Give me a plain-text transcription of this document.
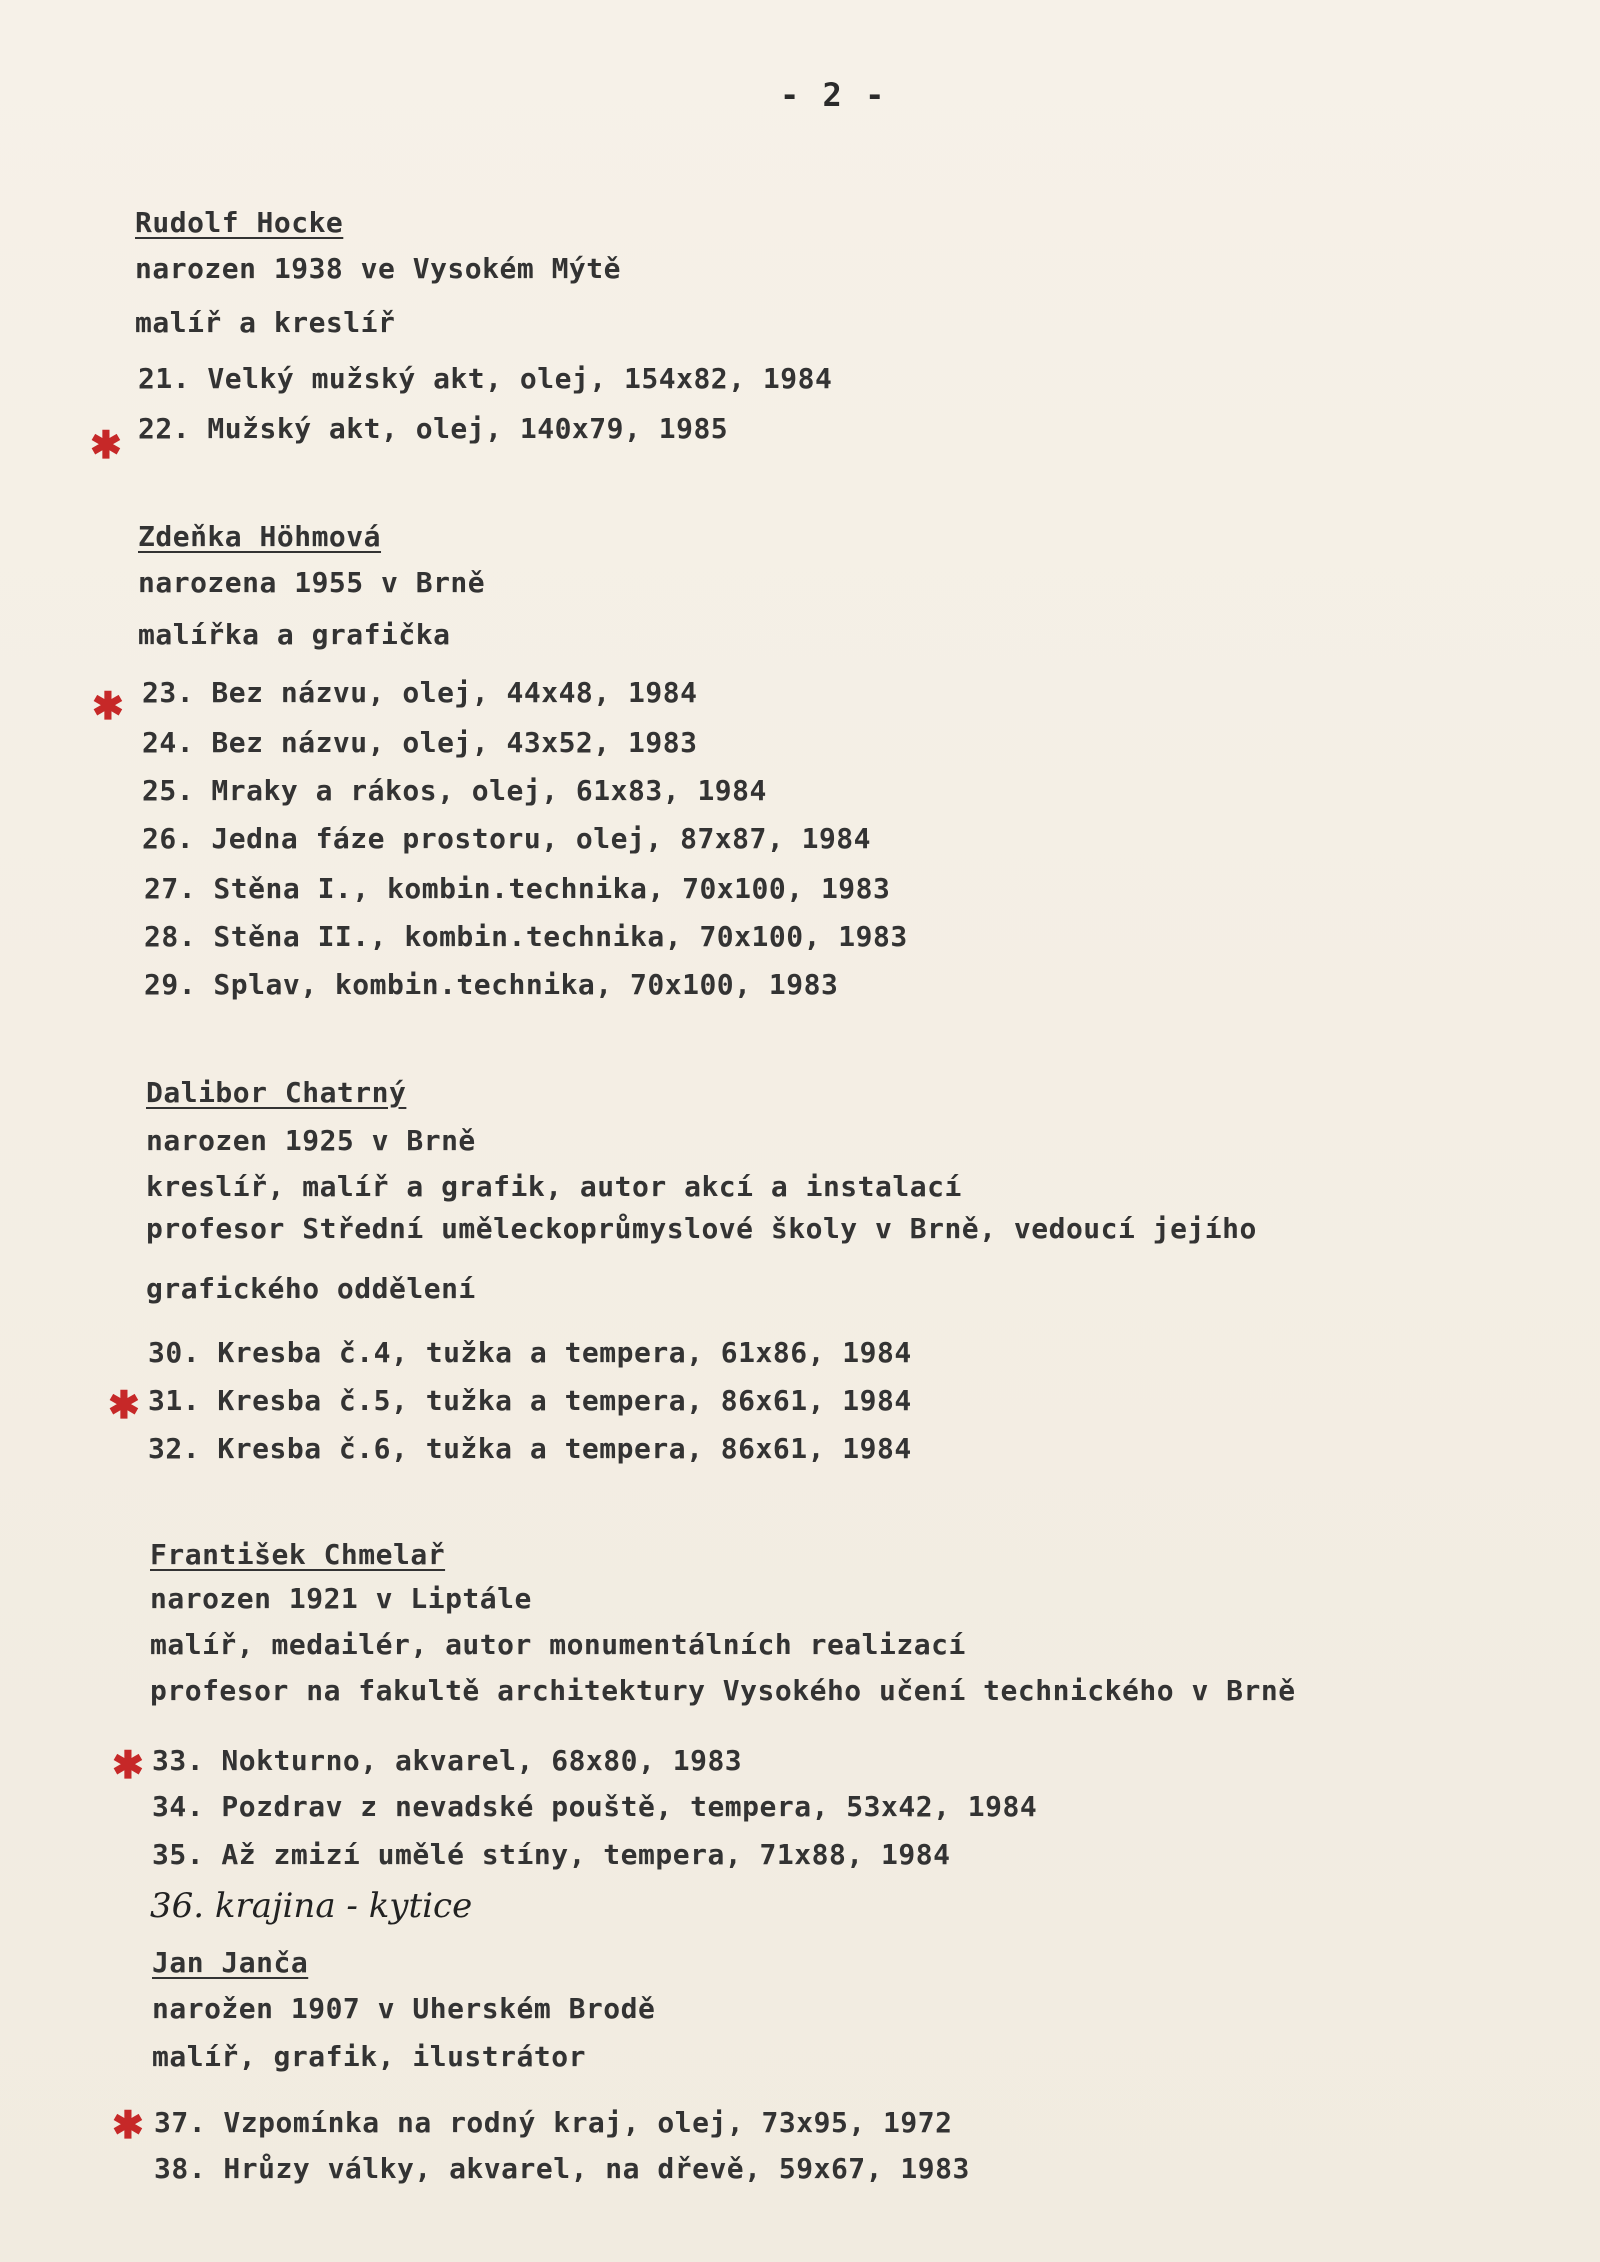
- 2 -
Rudolf Hocke
narozen 1938 ve Vysokém Mýtě
malíř a kreslíř
21. Velký mužský akt, olej, 154x82, 1984
✱ 22. Mužský akt, olej, 140x79, 1985
Zdeňka Höhmová
narozena 1955 v Brně
malířka a grafička
✱ 23. Bez názvu, olej, 44x48, 1984
24. Bez názvu, olej, 43x52, 1983
25. Mraky a rákos, olej, 61x83, 1984
26. Jedna fáze prostoru, olej, 87x87, 1984
27. Stěna I., kombin.technika, 70x100, 1983
28. Stěna II., kombin.technika, 70x100, 1983
29. Splav, kombin.technika, 70x100, 1983
Dalibor Chatrný
narozen 1925 v Brně
kreslíř, malíř a grafik, autor akcí a instalací
profesor Střední uměleckoprůmyslové školy v Brně, vedoucí jejího
grafického oddělení
30. Kresba č.4, tužka a tempera, 61x86, 1984
✱ 31. Kresba č.5, tužka a tempera, 86x61, 1984
32. Kresba č.6, tužka a tempera, 86x61, 1984
František Chmelař
narozen 1921 v Liptále
malíř, medailér, autor monumentálních realizací
profesor na fakultě architektury Vysokého učení technického v Brně
✱ 33. Nokturno, akvarel, 68x80, 1983
34. Pozdrav z nevadské pouště, tempera, 53x42, 1984
35. Až zmizí umělé stíny, tempera, 71x88, 1984
36. krajina - kytice
Jan Janča
narožen 1907 v Uherském Brodě
malíř, grafik, ilustrátor
✱ 37. Vzpomínka na rodný kraj, olej, 73x95, 1972
38. Hrůzy války, akvarel, na dřevě, 59x67, 1983
